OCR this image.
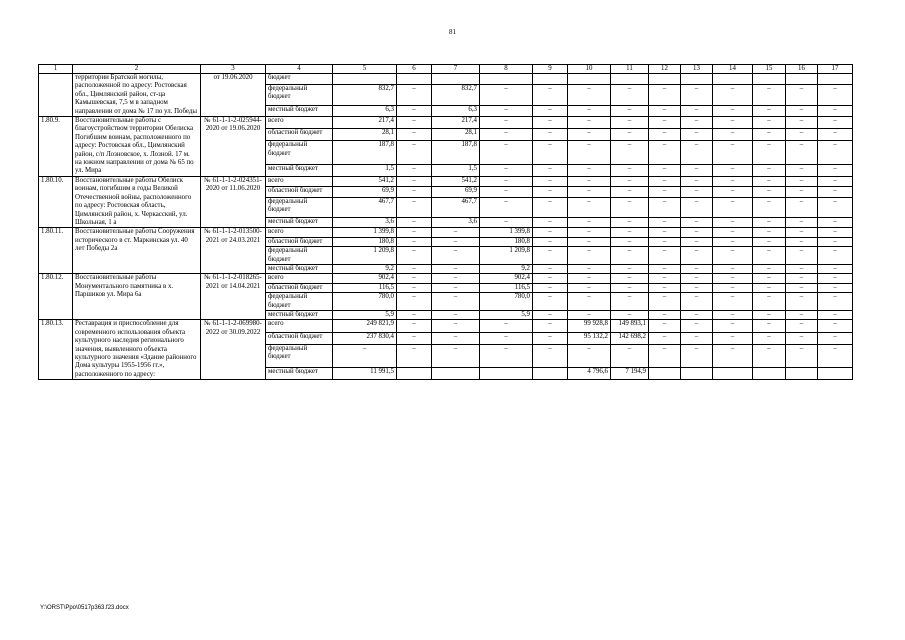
81
1	2	3	4	5	6	7	8	9	10	11	12	13	14	15	16	17
	территории Братской могилы, расположенной по адресу: Ростовская обл., Цимлянский район, ст-ца Камышевская, 7,5 м в западном направлении от дома № 17 по ул. Победы	от 19.06.2020	бюджет													
			федеральный бюджет	832,7	–	832,7	–	–	–	–	–	–	–	–	–	–
			местный бюджет	6,3	–	6,3	–	–	–	–	–	–	–	–	–	–
1.80.9.	Восстановительные работы с благоустройством территории Обелиска Погибшим воинам, расположенного по адресу: Ростовская обл., Цимлянский район, с/п Лозновское, х. Лозной. 17 м. на южном направлении от дома № 65 по ул. Мира	№ 61-1-1-2-025944-2020 от 19.06.2020	всего	217,4	–	217,4	–	–	–	–	–	–	–	–	–	–
			областной бюджет	28,1	–	28,1	–	–	–	–	–	–	–	–	–	–
			федеральный бюджет	187,8	–	187,8	–	–	–	–	–	–	–	–	–	–
			местный бюджет	1,5	–	1,5	–	–	–	–	–	–	–	–	–	–
1.80.10.	Восстановительные работы Обелиск воинам, погибшим в годы Великой Отечественной войны, расположенного по адресу: Ростовская область, Цимлянский район, х. Черкасский, ул. Школьная, 1 а	№ 61-1-1-2-024351-2020 от 11.06.2020	всего	541,2	–	541,2	–	–	–	–	–	–	–	–	–	–
			областной бюджет	69,9	–	69,9	–	–	–	–	–	–	–	–	–	–
			федеральный бюджет	467,7	–	467,7	–	–	–	–	–	–	–	–	–	–
			местный бюджет	3,6	–	3,6	–	–	–	–	–	–	–	–	–	–
1.80.11.	Восстановительные работы Сооружения исторического в ст. Маркинская ул. 40 лет Победы 2а	№ 61-1-1-2-013500-2021 от 24.03.2021	всего	1 399,8	–	–	1 399,8	–	–	–	–	–	–	–	–	–
			областной бюджет	180,8	–	–	180,8	–	–	–	–	–	–	–	–	–
			федеральный бюджет	1 209,8	–	–	1 209,8	–	–	–	–	–	–	–	–	–
			местный бюджет	9,2	–	–	9,2	–	–	–	–	–	–	–	–	–
1.80.12.	Восстановительные работы Монументального памятника в х. Паршиков ул. Мира 6а	№ 61-1-1-2-018265-2021 от 14.04.2021	всего	902,4	–	–	902,4	–	–	–	–	–	–	–	–	–
			областной бюджет	116,5	–	–	116,5	–	–	–	–	–	–	–	–	–
			федеральный бюджет	780,0	–	–	780,0	–	–	–	–	–	–	–	–	–
			местный бюджет	5,9	–	–	5,9	–	–	–	–	–	–	–	–	–
1.80.13.	Реставрация и приспособление для современного использования объекта культурного наследия регионального значения, выявленного объекта культурного значения «Здание районного Дома культуры 1955-1956 гг.», расположенного по адресу:	№ 61-1-1-2-069980-2022 от 30.09.2022	всего	249 821,9	–	–	–	–	99 928,8	149 893,1	–	–	–	–	–	–
			областной бюджет	237 830,4	–	–	–	–	95 132,2	142 698,2	–	–	–	–	–	–
			федеральный бюджет	–	–	–	–	–	–	–	–	–	–	–	–	–
			местный бюджет	11 991,5					4 796,6	7 194,9						
Y:\ORST\Ppo\0517p363.f23.docx
